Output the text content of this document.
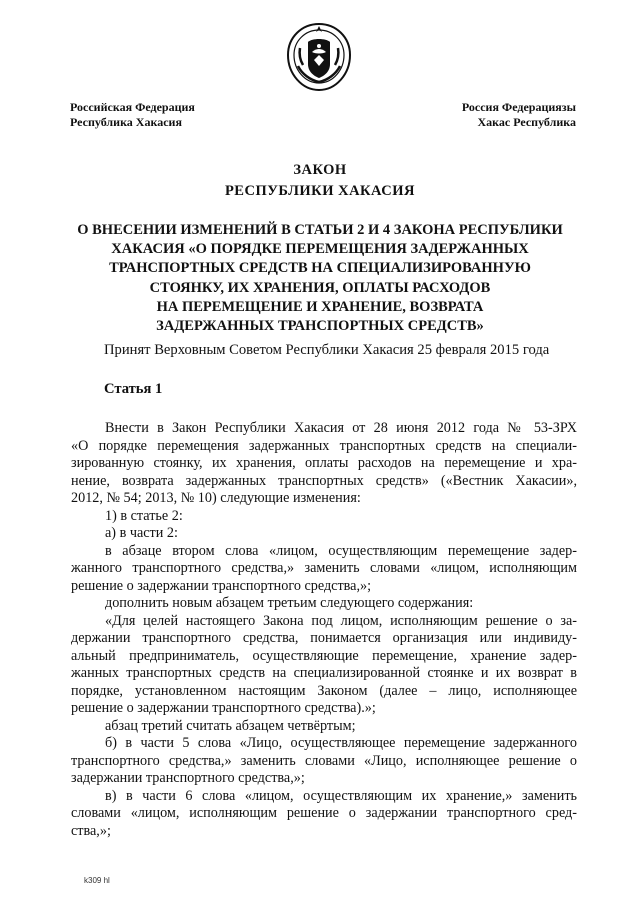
Российская Федерация
Республика Хакасия
Россия Федерациязы
Хакас Республика
ЗАКОН
РЕСПУБЛИКИ ХАКАСИЯ
О ВНЕСЕНИИ ИЗМЕНЕНИЙ В СТАТЬИ 2 И 4 ЗАКОНА РЕСПУБЛИКИ
ХАКАСИЯ «О ПОРЯДКЕ ПЕРЕМЕЩЕНИЯ ЗАДЕРЖАННЫХ
ТРАНСПОРТНЫХ СРЕДСТВ НА СПЕЦИАЛИЗИРОВАННУЮ
СТОЯНКУ, ИХ ХРАНЕНИЯ, ОПЛАТЫ РАСХОДОВ
НА ПЕРЕМЕЩЕНИЕ И ХРАНЕНИЕ, ВОЗВРАТА
ЗАДЕРЖАННЫХ ТРАНСПОРТНЫХ СРЕДСТВ»
Принят Верховным Советом Республики Хакасия 25 февраля 2015 года
Статья 1

Внести в Закон Республики Хакасия от 28 июня 2012 года № 53-ЗРХ

«О порядке перемещения задержанных транспортных средств на специали-

зированную стоянку, их хранения, оплаты расходов на перемещение и хра-

нение, возврата задержанных транспортных средств» («Вестник Хакасии»,

2012, № 54; 2013, № 10) следующие изменения:

1) в статье 2:

а) в части 2:

в абзаце втором слова «лицом, осуществляющим перемещение задер-

жанного транспортного средства,» заменить словами «лицом, исполняющим

решение о задержании транспортного средства,»;

дополнить новым абзацем третьим следующего содержания:

«Для целей настоящего Закона под лицом, исполняющим решение о за-

держании транспортного средства, понимается организация или индивиду-

альный предприниматель, осуществляющие перемещение, хранение задер-

жанных транспортных средств на специализированной стоянке и их возврат в

порядке, установленном настоящим Законом (далее – лицо, исполняющее

решение о задержании транспортного средства).»;

абзац третий считать абзацем четвёртым;

б) в части 5 слова «Лицо, осуществляющее перемещение задержанного

транспортного средства,» заменить словами «Лицо, исполняющее решение о

задержании транспортного средства,»;

в) в части 6 слова «лицом, осуществляющим их хранение,» заменить

словами «лицом, исполняющим решение о задержании транспортного сред-

ства,»;

k309 hl
